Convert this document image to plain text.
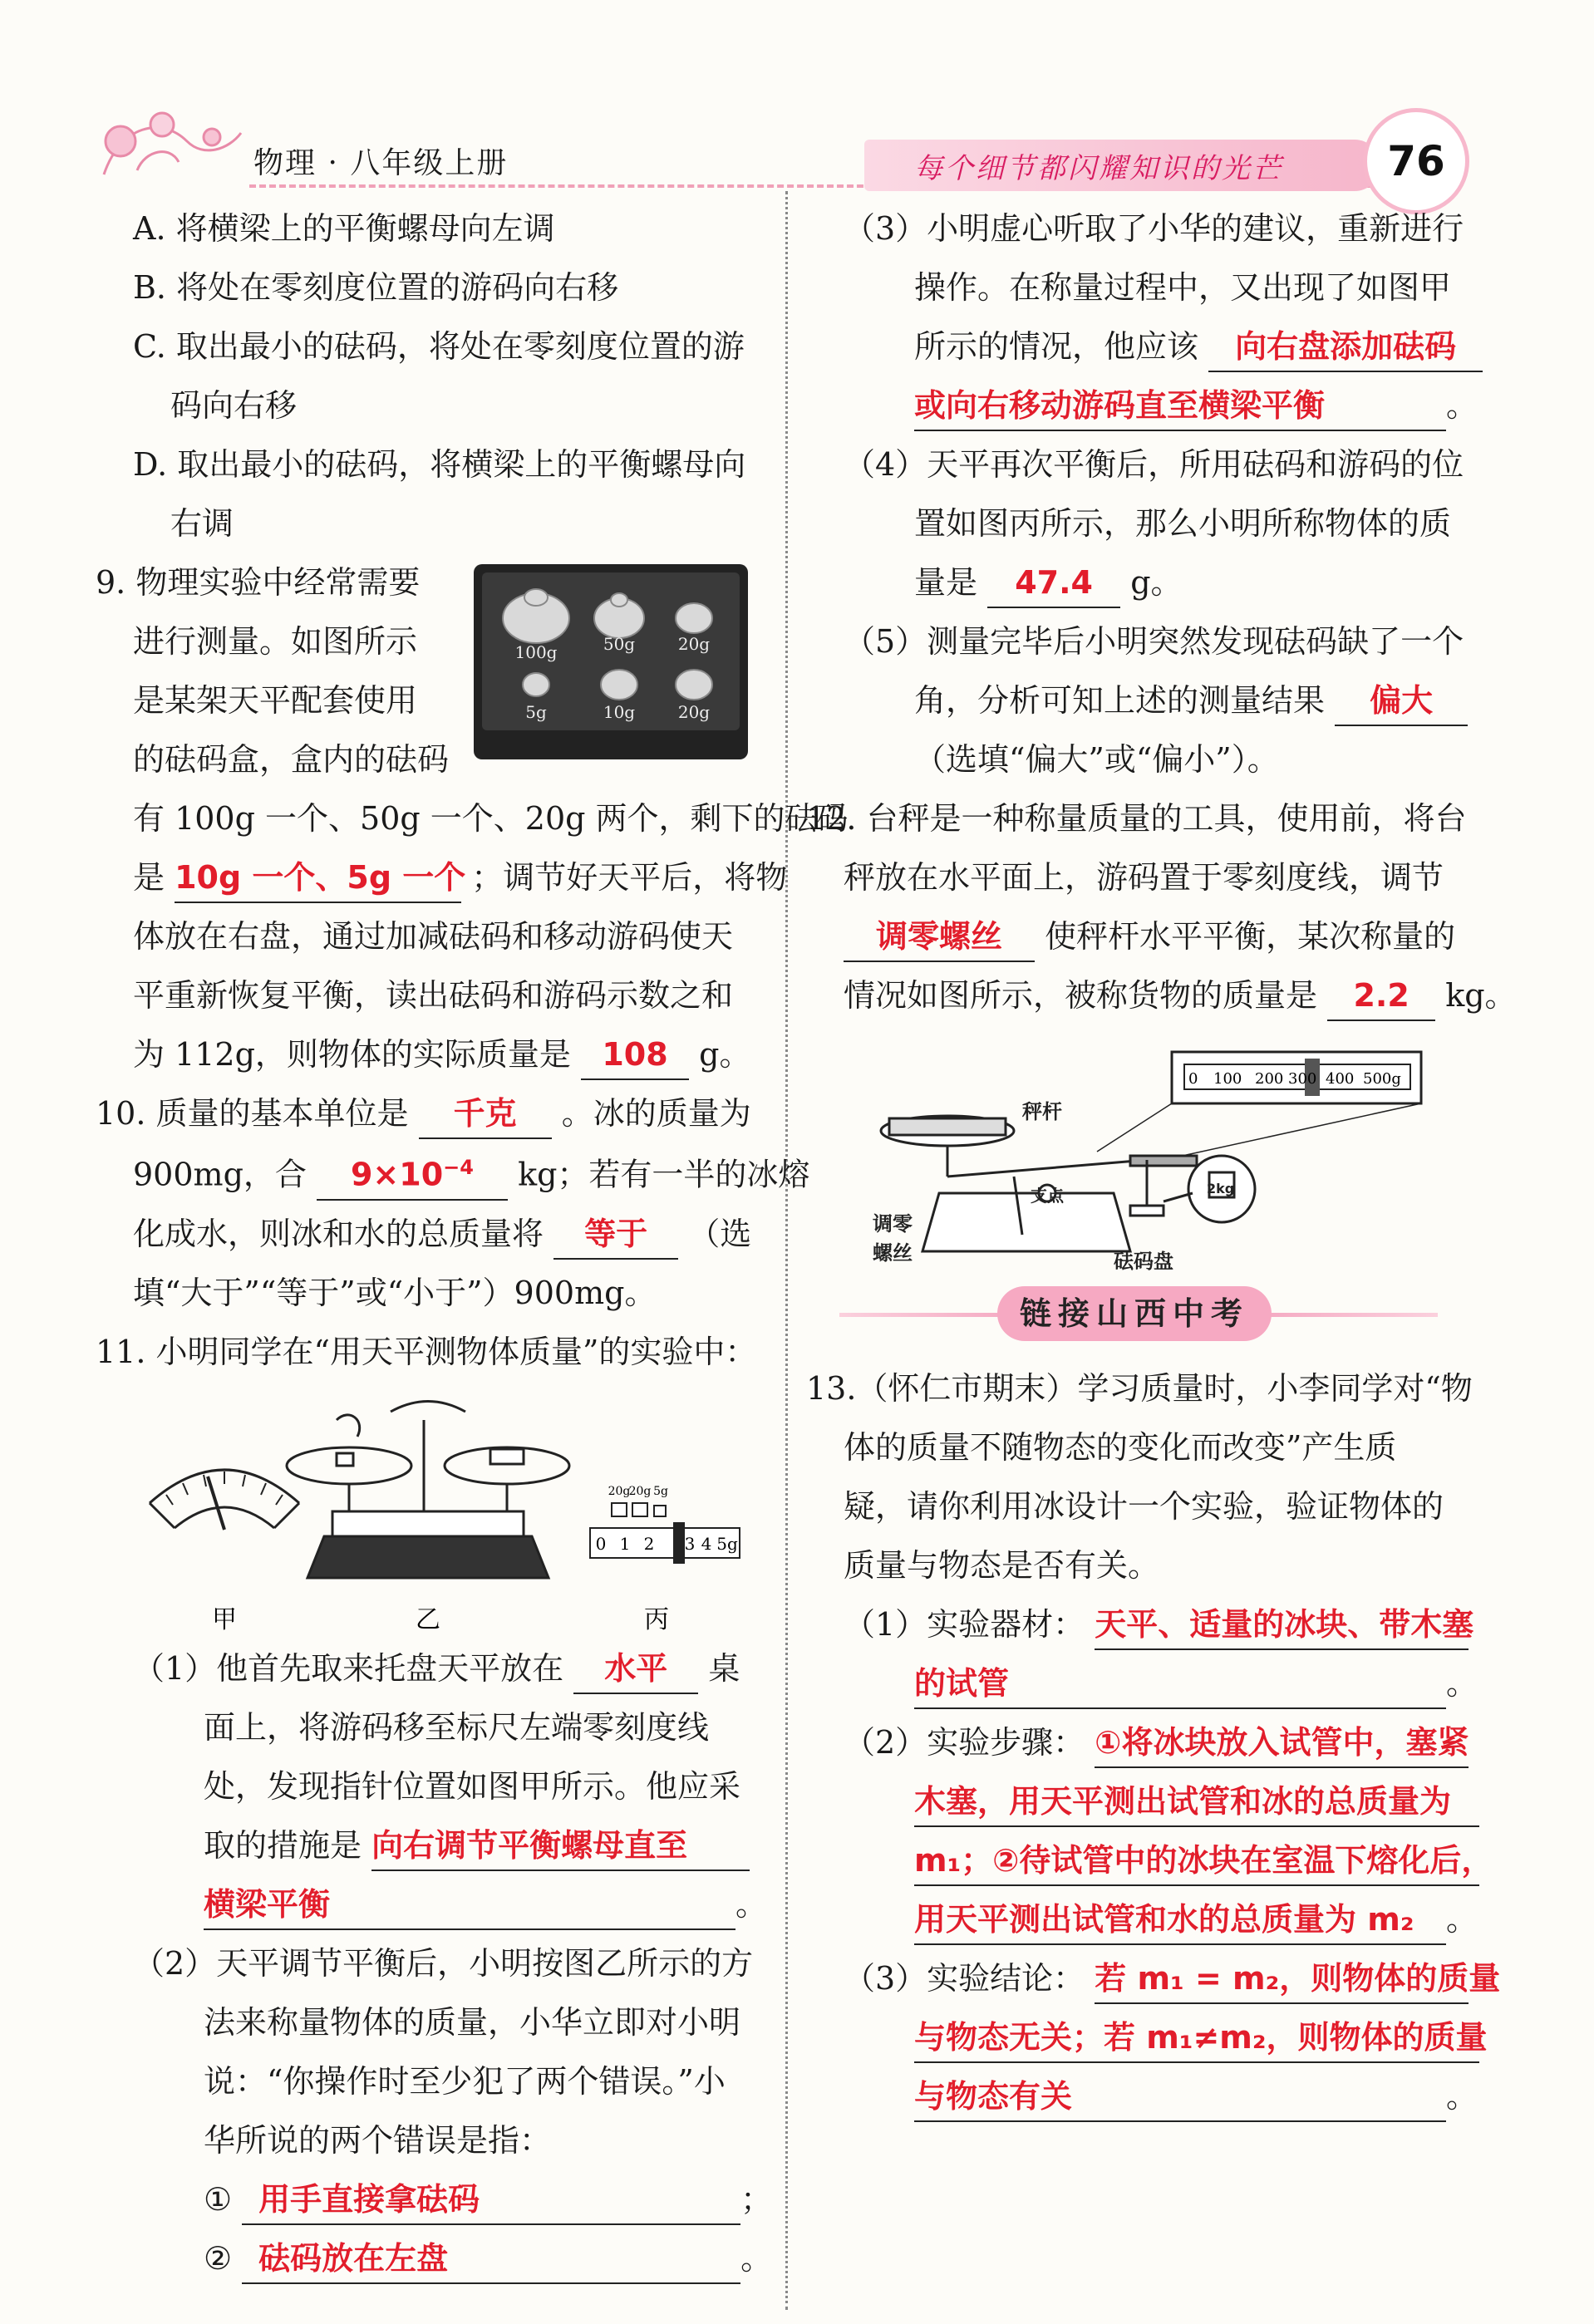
物理 · 八年级上册	每个细节都闪耀知识的光芒	76
A. 将横梁上的平衡螺母向左调
B. 将处在零刻度位置的游码向右移
C. 取出最小的砝码，将处在零刻度位置的游
码向右移
D. 取出最小的砝码，将横梁上的平衡螺母向
右调
9. 物理实验中经常需要
进行测量。如图所示
是某架天平配套使用
的砝码盒，盒内的砝码
100g	50g	20g
5g	10g	20g
有 100g 一个、50g 一个、20g 两个，剩下的砝码
是 10g 一个、5g 一个 ；调节好天平后，将物
体放在右盘，通过加减砝码和移动游码使天
平重新恢复平衡，读出砝码和游码示数之和
为 112g，则物体的实际质量是 108 g。
10. 质量的基本单位是 千克 。冰的质量为
900mg，合 $9\times 10^{-4}$ kg；若有一半的冰熔
化成水，则冰和水的总质量将 等于 （选
填“大于”“等于”或“小于”）900mg。
11. 小明同学在“用天平测物体质量”的实验中：
甲	乙
20g
20g 5g
0 1 2 3 4 5g
丙
（1）他首先取来托盘天平放在 水平 桌
面上，将游码移至标尺左端零刻度线
处，发现指针位置如图甲所示。他应采
取的措施是 向右调节平衡螺母直至
横梁平衡	。
（2）天平调节平衡后，小明按图乙所示的方
法来称量物体的质量，小华立即对小明
说：“你操作时至少犯了两个错误。”小
华所说的两个错误是指：
① 用手直接拿砝码	；
② 砝码放在左盘	。
（3）小明虚心听取了小华的建议，重新进行
操作。在称量过程中，又出现了如图甲
所示的情况，他应该 向右盘添加砝码
或向右移动游码直至横梁平衡	。
（4）天平再次平衡后，所用砝码和游码的位
置如图丙所示，那么小明所称物体的质
量是 47.4 g。
（5）测量完毕后小明突然发现砝码缺了一个
角，分析可知上述的测量结果 偏大
（选填“偏大”或“偏小”）。
12. 台秤是一种称量质量的工具，使用前，将台
秤放在水平面上，游码置于零刻度线，调节
调零螺丝 使秤杆水平平衡，某次称量的
情况如图所示，被称货物的质量是 2.2 kg。
0 100 200 300 400 500g
秤杆
支点
调零
螺丝	砝码盘
2kg
链接山西中考
13.（怀仁市期末）学习质量时，小李同学对“物
体的质量不随物态的变化而改变”产生质
疑，请你利用冰设计一个实验，验证物体的
质量与物态是否有关。
（1）实验器材： 天平、适量的冰块、带木塞
的试管	。
（2）实验步骤： ①将冰块放入试管中，塞紧
木塞，用天平测出试管和冰的总质量为
m₁；②待试管中的冰块在室温下熔化后，
用天平测出试管和水的总质量为 m₂ 。
（3）实验结论： 若 m₁ = m₂，则物体的质量
与物态无关；若 m₁≠m₂，则物体的质量
与物态有关	。
